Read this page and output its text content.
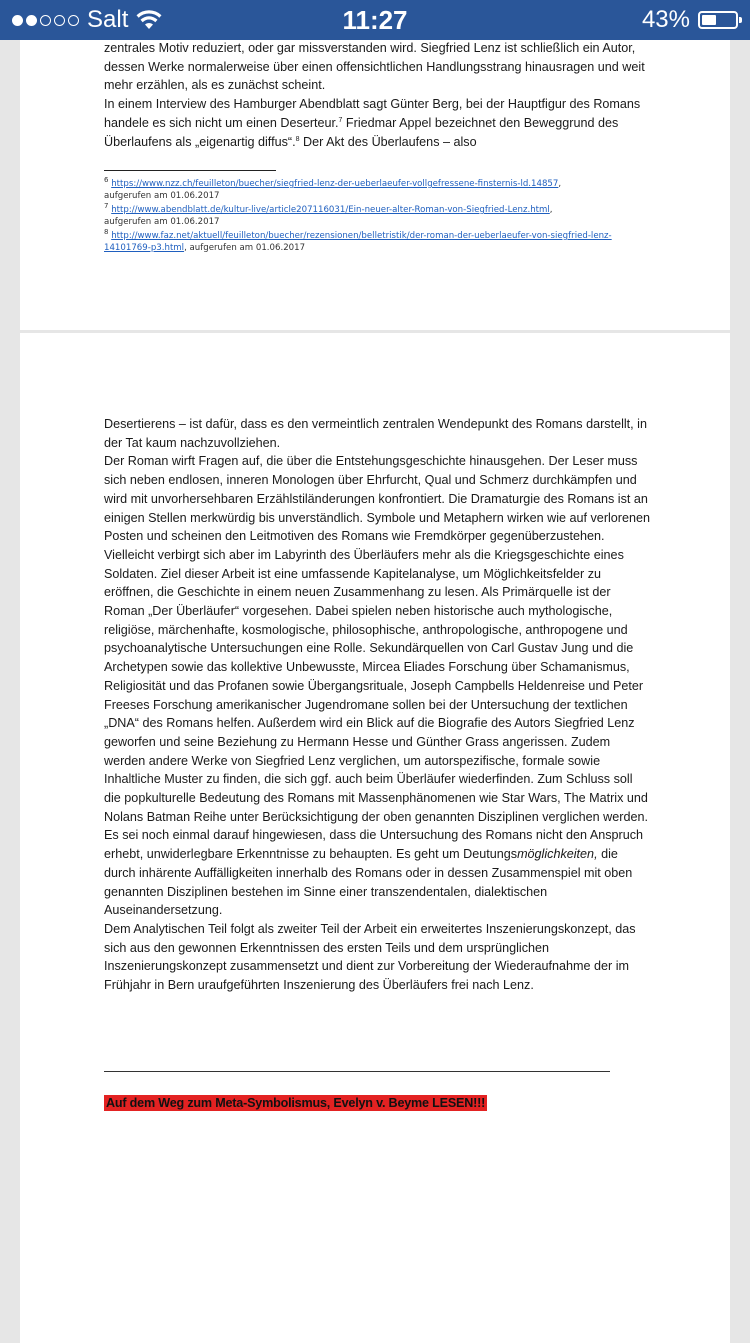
Salt	11:27	43%

zentrales Motiv reduziert, oder gar missverstanden wird. Siegfried Lenz ist schließlich ein Autor, dessen Werke normalerweise über einen offensichtlichen Handlungsstrang hinausragen und weit mehr erzählen, als es zunächst scheint.

In einem Interview des Hamburger Abendblatt sagt Günter Berg, bei der Hauptfigur des Romans handele es sich nicht um einen Deserteur.$^7$ Friedmar Appel bezeichnet den Beweggrund des Überlaufens als „eigenartig diffus“.$^8$ Der Akt des Überlaufens – also

$^6$ https://www.nzz.ch/feuilleton/buecher/siegfried-lenz-der-ueberlaeufer-vollgefressene-finsternis-ld.14857,
aufgerufen am 01.06.2017
$^7$ http://www.abendblatt.de/kultur-live/article207116031/Ein-neuer-alter-Roman-von-Siegfried-Lenz.html,
aufgerufen am 01.06.2017
$^8$ http://www.faz.net/aktuell/feuilleton/buecher/rezensionen/belletristik/der-roman-der-ueberlaeufer-von-siegfried-lenz-14101769-p3.html, aufgerufen am 01.06.2017

Desertierens – ist dafür, dass es den vermeintlich zentralen Wendepunkt des Romans darstellt, in der Tat kaum nachzuvollziehen.

Der Roman wirft Fragen auf, die über die Entstehungsgeschichte hinausgehen. Der Leser muss sich neben endlosen, inneren Monologen über Ehrfurcht, Qual und Schmerz durchkämpfen und wird mit unvorhersehbaren Erzählstiländerungen konfrontiert. Die Dramaturgie des Romans ist an einigen Stellen merkwürdig bis unverständlich. Symbole und Metaphern wirken wie auf verlorenen Posten und scheinen den Leitmotiven des Romans wie Fremdkörper gegenüberzustehen.

Vielleicht verbirgt sich aber im Labyrinth des Überläufers mehr als die Kriegsgeschichte eines Soldaten. Ziel dieser Arbeit ist eine umfassende Kapitelanalyse, um Möglichkeitsfelder zu eröffnen, die Geschichte in einem neuen Zusammenhang zu lesen. Als Primärquelle ist der Roman „Der Überläufer“ vorgesehen. Dabei spielen neben historische auch mythologische, religiöse, märchenhafte, kosmologische, philosophische, anthropologische, anthropogene und psychoanalytische Untersuchungen eine Rolle. Sekundärquellen von Carl Gustav Jung und die Archetypen sowie das kollektive Unbewusste, Mircea Eliades Forschung über Schamanismus, Religiosität und das Profanen sowie Übergangsrituale, Joseph Campbells Heldenreise und Peter Freeses Forschung amerikanischer Jugendromane sollen bei der Untersuchung der textlichen „DNA“ des Romans helfen. Außerdem wird ein Blick auf die Biografie des Autors Siegfried Lenz geworfen und seine Beziehung zu Hermann Hesse und Günther Grass angerissen. Zudem werden andere Werke von Siegfried Lenz verglichen, um autorspezifische, formale sowie Inhaltliche Muster zu finden, die sich ggf. auch beim Überläufer wiederfinden. Zum Schluss soll die popkulturelle Bedeutung des Romans mit Massenphänomenen wie Star Wars, The Matrix und Nolans Batman Reihe unter Berücksichtigung der oben genannten Disziplinen verglichen werden. Es sei noch einmal darauf hingewiesen, dass die Untersuchung des Romans nicht den Anspruch erhebt, unwiderlegbare Erkenntnisse zu behaupten. Es geht um Deutungsmöglichkeiten, die durch inhärente Auffälligkeiten innerhalb des Romans oder in dessen Zusammenspiel mit oben genannten Disziplinen bestehen im Sinne einer transzendentalen, dialektischen Auseinandersetzung.

Dem Analytischen Teil folgt als zweiter Teil der Arbeit ein erweitertes Inszenierungskonzept, das sich aus den gewonnen Erkenntnissen des ersten Teils und dem ursprünglichen Inszenierungskonzept zusammensetzt und dient zur Vorbereitung der Wiederaufnahme der im Frühjahr in Bern uraufgeführten Inszenierung des Überläufers frei nach Lenz.

Auf dem Weg zum Meta-Symbolismus, Evelyn v. Beyme LESEN!!!
